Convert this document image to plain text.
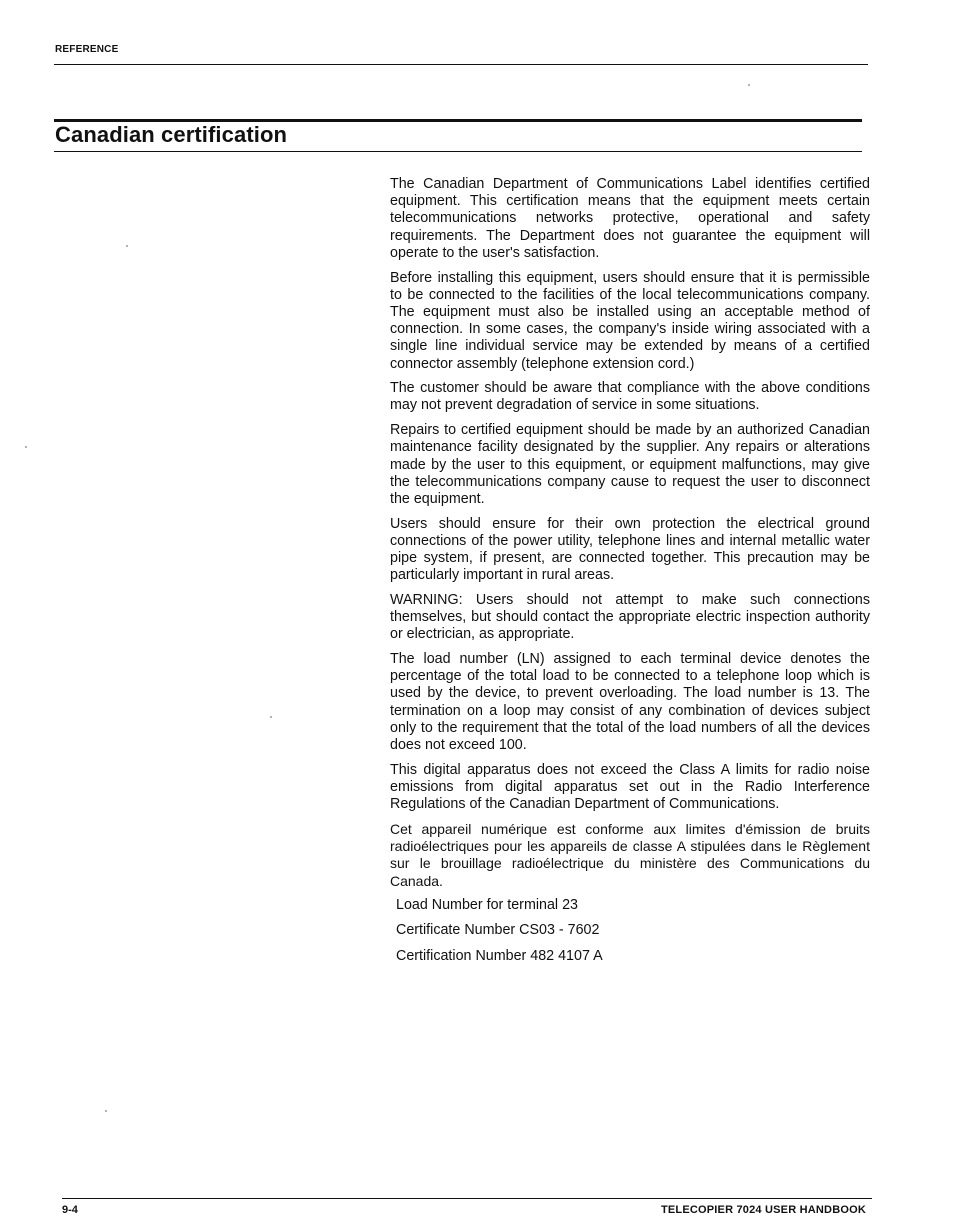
REFERENCE
Canadian certification

The Canadian Department of Communications Label identifies certified equipment. This certification means that the equipment meets certain telecommunications networks protective, operational and safety requirements. The Department does not guarantee the equipment will operate to the user's satisfaction.

Before installing this equipment, users should ensure that it is permissible to be connected to the facilities of the local telecommunications company. The equipment must also be installed using an acceptable method of connection. In some cases, the company's inside wiring associated with a single line individual service may be extended by means of a certified connector assembly (telephone extension cord.)

The customer should be aware that compliance with the above conditions may not prevent degradation of service in some situations.

Repairs to certified equipment should be made by an authorized Canadian maintenance facility designated by the supplier. Any repairs or alterations made by the user to this equipment, or equipment malfunctions, may give the telecommunications company cause to request the user to disconnect the equipment.

Users should ensure for their own protection the electrical ground connections of the power utility, telephone lines and internal metallic water pipe system, if present, are connected together. This precaution may be particularly important in rural areas.

WARNING: Users should not attempt to make such connections themselves, but should contact the appropriate electric inspection authority or electrician, as appropriate.

The load number (LN) assigned to each terminal device denotes the percentage of the total load to be connected to a telephone loop which is used by the device, to prevent overloading. The load number is 13. The termination on a loop may consist of any combination of devices subject only to the requirement that the total of the load numbers of all the devices does not exceed 100.

This digital apparatus does not exceed the Class A limits for radio noise emissions from digital apparatus set out in the Radio Interference Regulations of the Canadian Department of Communications.

Cet appareil numérique est conforme aux limites d'émission de bruits radioélectriques pour les appareils de classe A stipulées dans le Règlement sur le brouillage radioélectrique du ministère des Communications du Canada.

Load Number for terminal 23

Certificate Number CS03 - 7602

Certification Number 482 4107 A

9-4	TELECOPIER 7024 USER HANDBOOK
